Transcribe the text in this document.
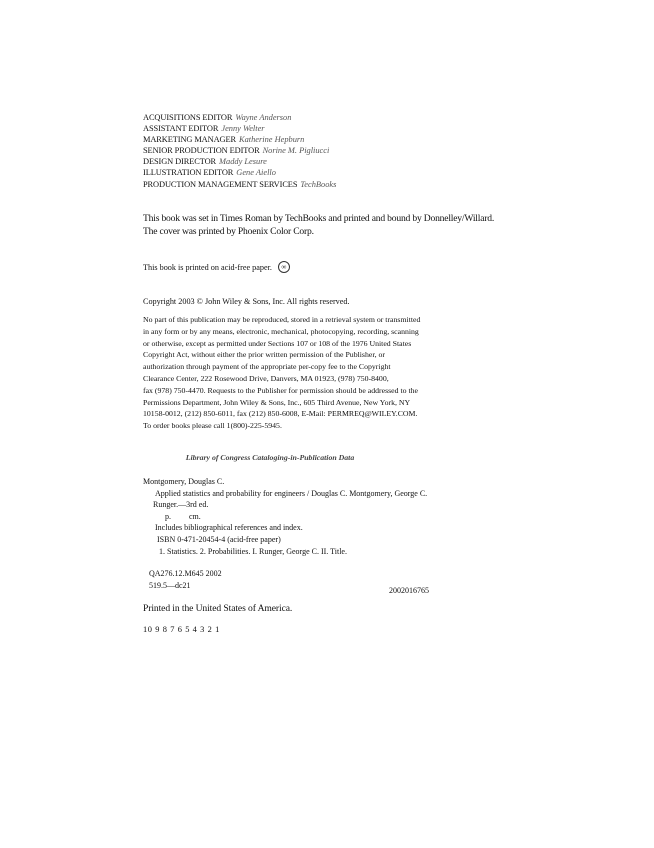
ACQUISITIONS EDITOR Wayne Anderson
ASSISTANT EDITOR Jenny Welter
MARKETING MANAGER Katherine Hepburn
SENIOR PRODUCTION EDITOR Norine M. Pigliucci
DESIGN DIRECTOR Maddy Lesure
ILLUSTRATION EDITOR Gene Aiello
PRODUCTION MANAGEMENT SERVICES TechBooks
This book was set in Times Roman by TechBooks and printed and bound by Donnelley/Willard.
The cover was printed by Phoenix Color Corp.
This book is printed on acid-free paper.	∞
Copyright 2003 © John Wiley & Sons, Inc. All rights reserved.
No part of this publication may be reproduced, stored in a retrieval system or transmitted
in any form or by any means, electronic, mechanical, photocopying, recording, scanning
or otherwise, except as permitted under Sections 107 or 108 of the 1976 United States
Copyright Act, without either the prior written permission of the Publisher, or
authorization through payment of the appropriate per-copy fee to the Copyright
Clearance Center, 222 Rosewood Drive, Danvers, MA 01923, (978) 750-8400,
fax (978) 750-4470. Requests to the Publisher for permission should be addressed to the
Permissions Department, John Wiley & Sons, Inc., 605 Third Avenue, New York, NY
10158-0012, (212) 850-6011, fax (212) 850-6008, E-Mail: PERMREQ@WILEY.COM.
To order books please call 1(800)-225-5945.
Library of Congress Cataloging-in-Publication Data
Montgomery, Douglas C.
Applied statistics and probability for engineers / Douglas C. Montgomery, George C.
Runger.—3rd ed.
p. cm.
Includes bibliographical references and index.
ISBN 0-471-20454-4 (acid-free paper)
1. Statistics. 2. Probabilities. I. Runger, George C. II. Title.
QA276.12.M645 2002
519.5—dc21
2002016765
Printed in the United States of America.
10 9 8 7 6 5 4 3 2 1
